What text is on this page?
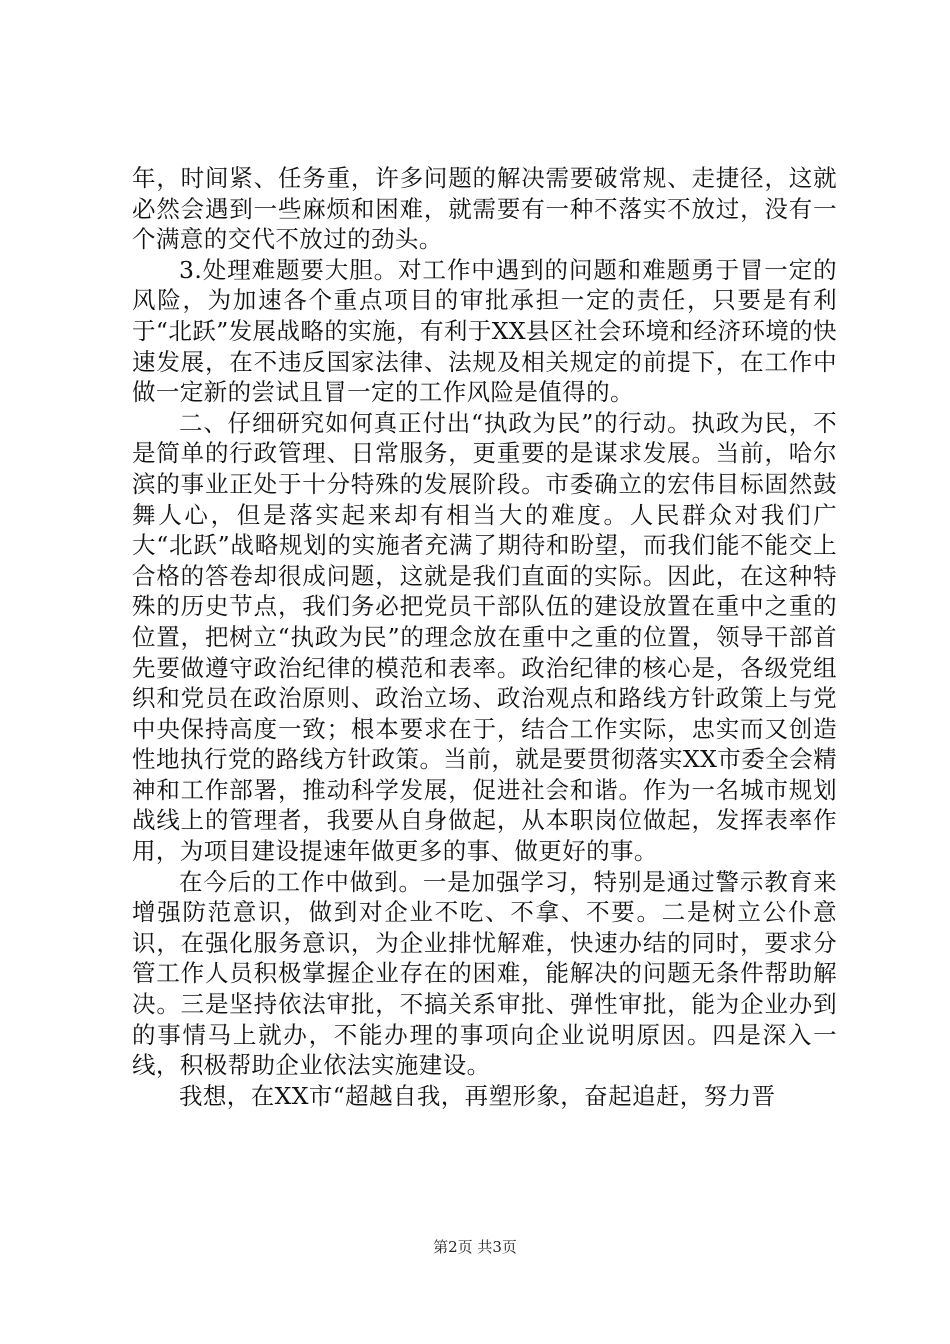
年，时间紧、任务重，许多问题的解决需要破常规、走捷径，这就必然会遇到一些麻烦和困难，就需要有一种不落实不放过，没有一个满意的交代不放过的劲头。

3.处理难题要大胆。对工作中遇到的问题和难题勇于冒一定的风险，为加速各个重点项目的审批承担一定的责任，只要是有利于“北跃”发展战略的实施，有利于XX县区社会环境和经济环境的快速发展，在不违反国家法律、法规及相关规定的前提下，在工作中做一定新的尝试且冒一定的工作风险是值得的。

二、仔细研究如何真正付出“执政为民”的行动。执政为民，不是简单的行政管理、日常服务，更重要的是谋求发展。当前，哈尔滨的事业正处于十分特殊的发展阶段。市委确立的宏伟目标固然鼓舞人心，但是落实起来却有相当大的难度。人民群众对我们广大“北跃”战略规划的实施者充满了期待和盼望，而我们能不能交上合格的答卷却很成问题，这就是我们直面的实际。因此，在这种特殊的历史节点，我们务必把党员干部队伍的建设放置在重中之重的位置，把树立“执政为民”的理念放在重中之重的位置，领导干部首先要做遵守政治纪律的模范和表率。政治纪律的核心是，各级党组织和党员在政治原则、政治立场、政治观点和路线方针政策上与党中央保持高度一致；根本要求在于，结合工作实际，忠实而又创造性地执行党的路线方针政策。当前，就是要贯彻落实XX市委全会精神和工作部署，推动科学发展，促进社会和谐。作为一名城市规划战线上的管理者，我要从自身做起，从本职岗位做起，发挥表率作用，为项目建设提速年做更多的事、做更好的事。

在今后的工作中做到。一是加强学习，特别是通过警示教育来增强防范意识，做到对企业不吃、不拿、不要。二是树立公仆意识，在强化服务意识，为企业排忧解难，快速办结的同时，要求分管工作人员积极掌握企业存在的困难，能解决的问题无条件帮助解决。三是坚持依法审批，不搞关系审批、弹性审批，能为企业办到的事情马上就办，不能办理的事项向企业说明原因。四是深入一线，积极帮助企业依法实施建设。

我想，在XX市“超越自我，再塑形象，奋起追赶，努力晋

第2页 共3页
